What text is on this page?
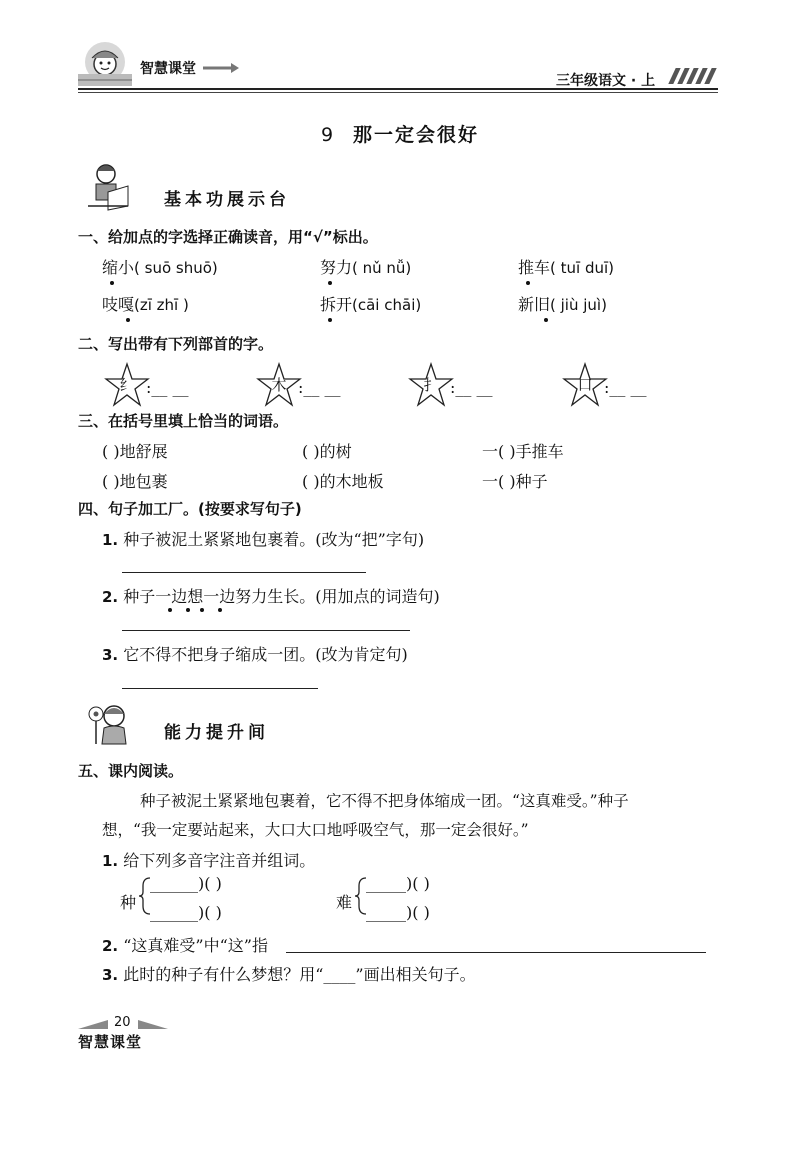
智慧课堂
三年级语文 · 上
9 那一定会很好
基本功展示台
一、给加点的字选择正确读音，用“√”标出。
缩小( suō shuō)	努力( nǔ nǚ)	推车( tuī duī)
吱嘎(zī zhī )	拆开(cāi chāi)	新旧( jiù juì)
二、写出带有下列部首的字。
纟 :__ __	木 :__ __	扌 :__ __	口 :__ __
三、在括号里填上恰当的词语。
( )地舒展	( )的树	一( )手推车
( )地包裹	( )的木地板	一( )种子
四、句子加工厂。(按要求写句子)
1. 种子被泥土紧紧地包裹着。(改为“把”字句)
2. 种子一边想一边努力生长。(用加点的词造句)
3. 它不得不把身子缩成一团。(改为肯定句)
能力提升间
五、课内阅读。
种子被泥土紧紧地包裹着，它不得不把身体缩成一团。“这真难受。”种子
想，“我一定要站起来，大口大口地呼吸空气，那一定会很好。”
1. 给下列多音字注音并组词。
种
______)( )
______)( )
难
_____)( )
_____)( )
2. “这真难受”中“这”指
3. 此时的种子有什么梦想？用“____”画出相关句子。
20
智慧课堂
